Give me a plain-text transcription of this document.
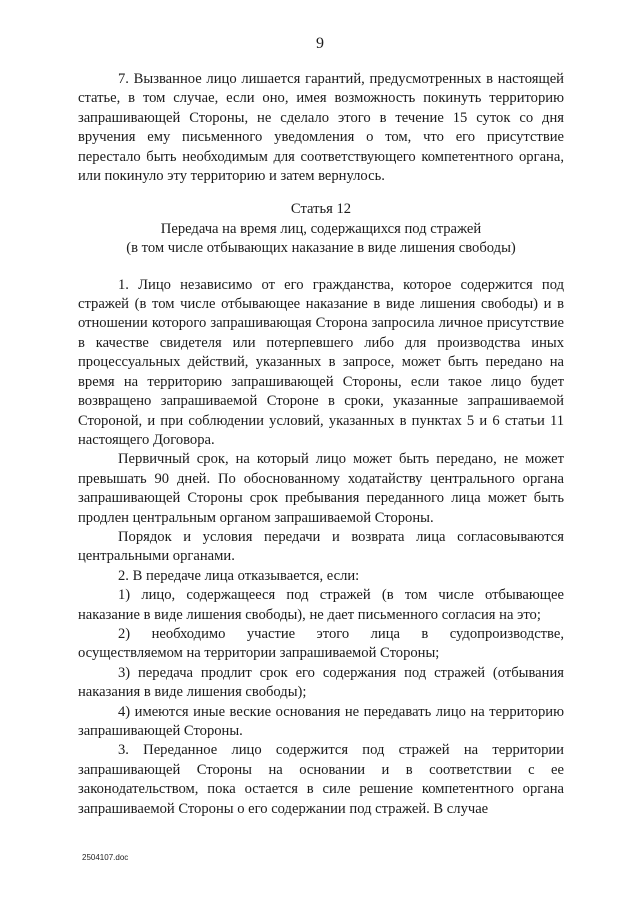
9

7. Вызванное лицо лишается гарантий, предусмотренных в настоящей статье, в том случае, если оно, имея возможность покинуть территорию запрашивающей Стороны, не сделало этого в течение 15 суток со дня вручения ему письменного уведомления о том, что его присутствие перестало быть необходимым для соответствующего компетентного органа, или покинуло эту территорию и затем вернулось.

Статья 12

Передача на время лиц, содержащихся под стражей

(в том числе отбывающих наказание в виде лишения свободы)

1. Лицо независимо от его гражданства, которое содержится под стражей (в том числе отбывающее наказание в виде лишения свободы) и в отношении которого запрашивающая Сторона запросила личное присутствие в качестве свидетеля или потерпевшего либо для производства иных процессуальных действий, указанных в запросе, может быть передано на время на территорию запрашивающей Стороны, если такое лицо будет возвращено запрашиваемой Стороне в сроки, указанные запрашиваемой Стороной, и при соблюдении условий, указанных в пунктах 5 и 6 статьи 11 настоящего Договора.

Первичный срок, на который лицо может быть передано, не может превышать 90 дней. По обоснованному ходатайству центрального органа запрашивающей Стороны срок пребывания переданного лица может быть продлен центральным органом запрашиваемой Стороны.

Порядок и условия передачи и возврата лица согласовываются центральными органами.

2. В передаче лица отказывается, если:

1) лицо, содержащееся под стражей (в том числе отбывающее наказание в виде лишения свободы), не дает письменного согласия на это;

2) необходимо участие этого лица в судопроизводстве, осуществляемом на территории запрашиваемой Стороны;

3) передача продлит срок его содержания под стражей (отбывания наказания в виде лишения свободы);

4) имеются иные веские основания не передавать лицо на территорию запрашивающей Стороны.

3. Переданное лицо содержится под стражей на территории запрашивающей Стороны на основании и в соответствии с ее законодательством, пока остается в силе решение компетентного органа запрашиваемой Стороны о его содержании под стражей. В случае

2504107.doc
